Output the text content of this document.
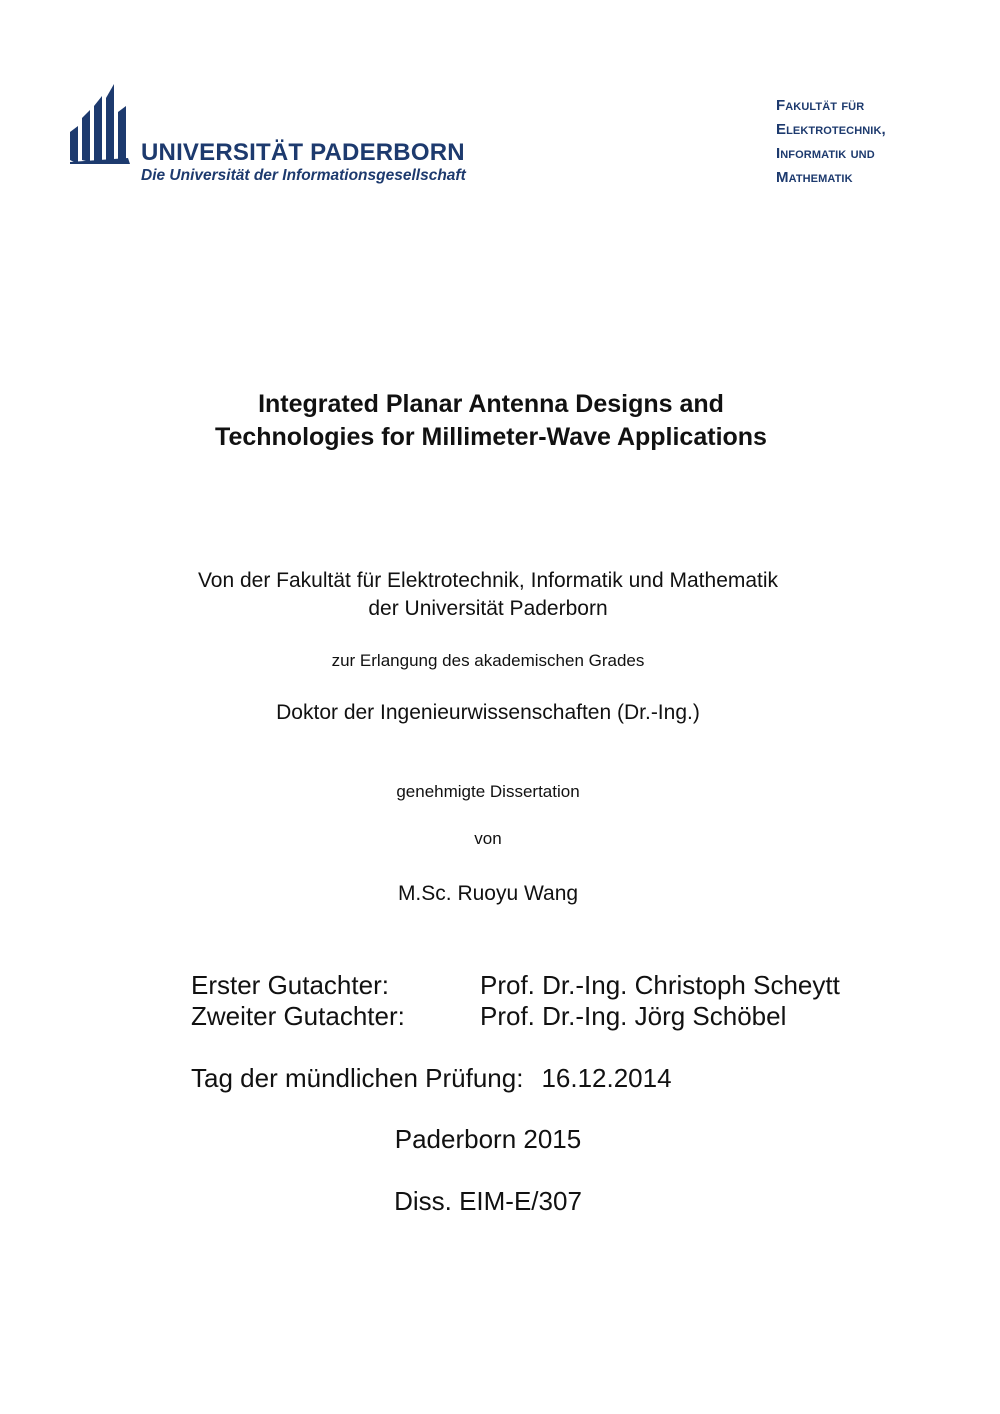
UNIVERSITÄT PADERBORN
Die Universität der Informationsgesellschaft
Fakultät für
Elektrotechnik,
Informatik und
Mathematik
Integrated Planar Antenna Designs and
Technologies for Millimeter-Wave Applications
Von der Fakultät für Elektrotechnik, Informatik und Mathematik
der Universität Paderborn
zur Erlangung des akademischen Grades
Doktor der Ingenieurwissenschaften (Dr.-Ing.)
genehmigte Dissertation
von
M.Sc. Ruoyu Wang
Erster Gutachter:	Prof. Dr.-Ing. Christoph Scheytt
Zweiter Gutachter:	Prof. Dr.-Ing. Jörg Schöbel
Tag der mündlichen Prüfung: 16.12.2014
Paderborn 2015
Diss. EIM-E/307
